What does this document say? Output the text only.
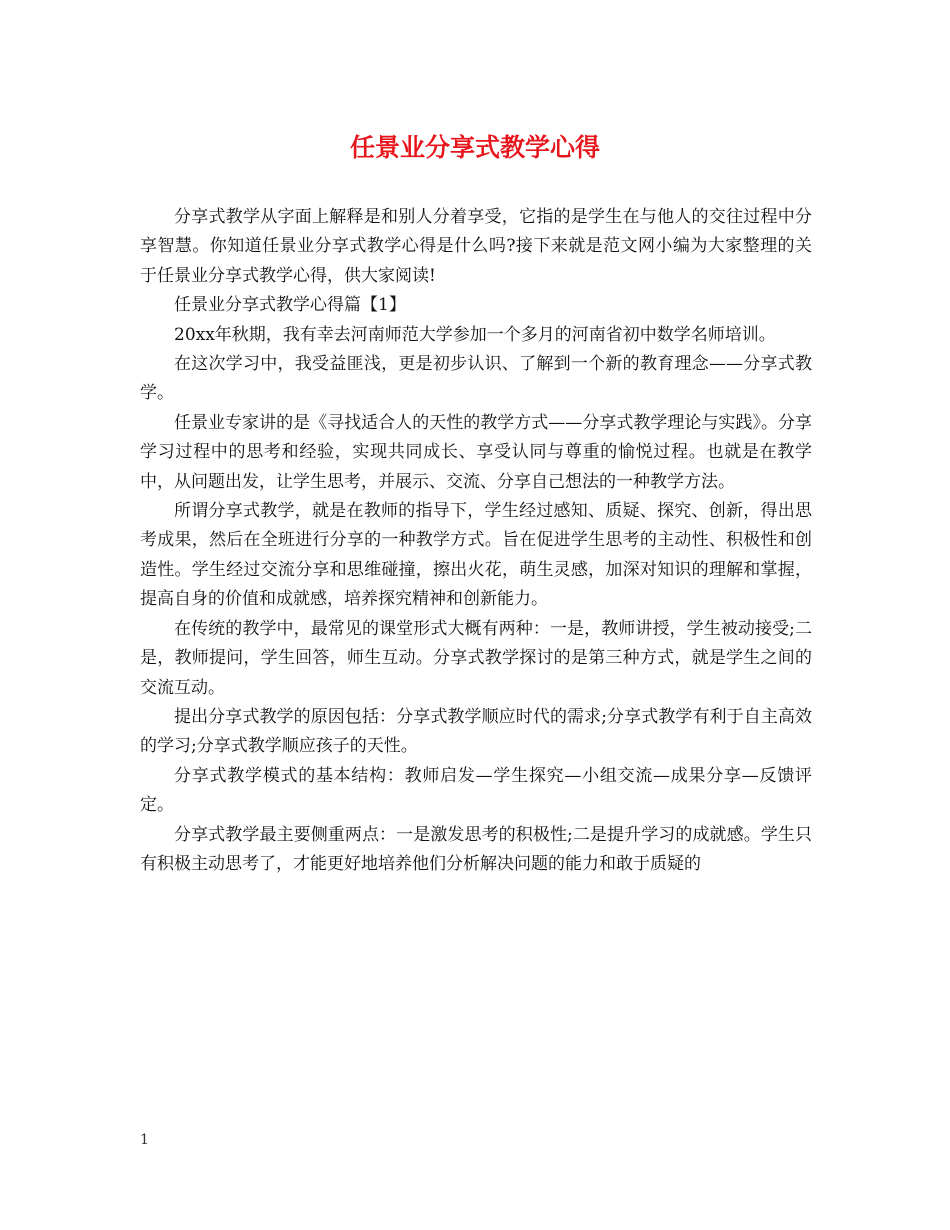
任景业分享式教学心得

分享式教学从字面上解释是和别人分着享受，它指的是学生在与他人的交往过程中分享智慧。你知道任景业分享式教学心得是什么吗?接下来就是范文网小编为大家整理的关于任景业分享式教学心得，供大家阅读!

任景业分享式教学心得篇【1】

20xx年秋期，我有幸去河南师范大学参加一个多月的河南省初中数学名师培训。

在这次学习中，我受益匪浅，更是初步认识、了解到一个新的教育理念——分享式教学。

任景业专家讲的是《寻找适合人的天性的教学方式——分享式教学理论与实践》。分享学习过程中的思考和经验，实现共同成长、享受认同与尊重的愉悦过程。也就是在教学中，从问题出发，让学生思考，并展示、交流、分享自己想法的一种教学方法。

所谓分享式教学，就是在教师的指导下，学生经过感知、质疑、探究、创新，得出思考成果，然后在全班进行分享的一种教学方式。旨在促进学生思考的主动性、积极性和创造性。学生经过交流分享和思维碰撞，擦出火花，萌生灵感，加深对知识的理解和掌握，提高自身的价值和成就感，培养探究精神和创新能力。

在传统的教学中，最常见的课堂形式大概有两种：一是，教师讲授，学生被动接受;二是，教师提问，学生回答，师生互动。分享式教学探讨的是第三种方式，就是学生之间的交流互动。

提出分享式教学的原因包括：分享式教学顺应时代的需求;分享式教学有利于自主高效的学习;分享式教学顺应孩子的天性。

分享式教学模式的基本结构：教师启发—学生探究—小组交流—成果分享—反馈评定。

分享式教学最主要侧重两点：一是激发思考的积极性;二是提升学习的成就感。学生只有积极主动思考了，才能更好地培养他们分析解决问题的能力和敢于质疑的

1
